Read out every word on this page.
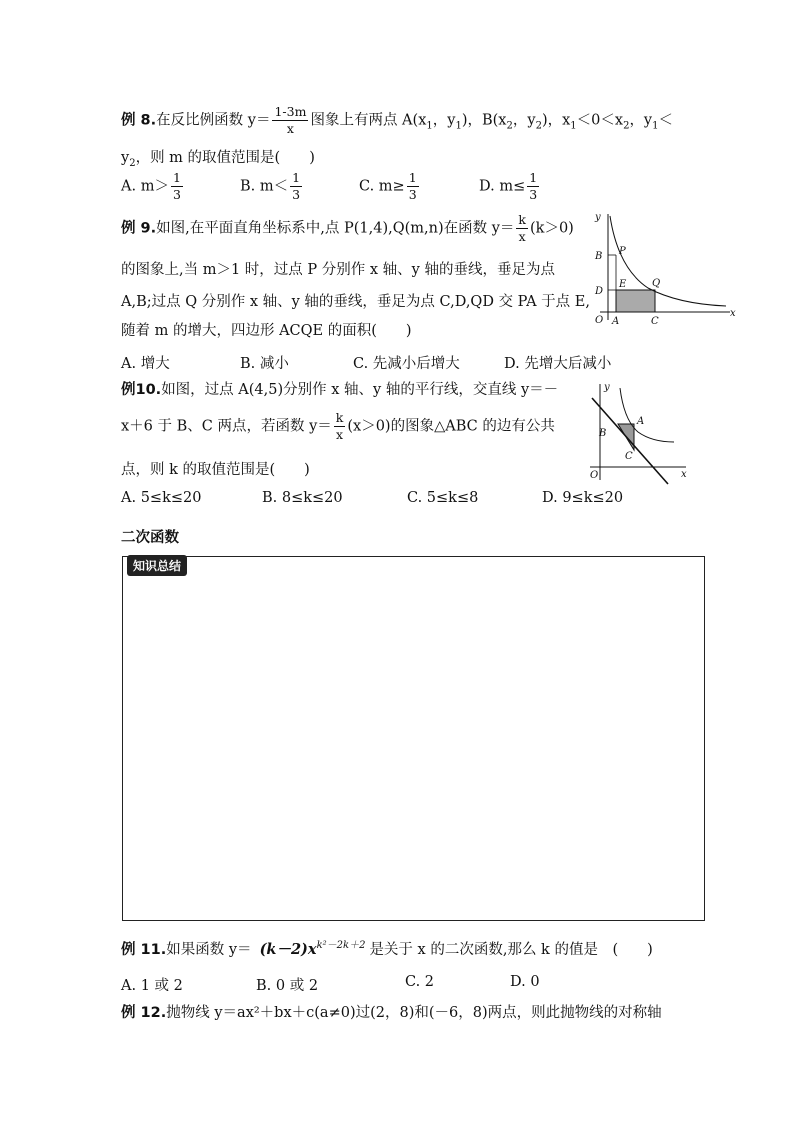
例 8.在反比例函数 $y= \frac{1-3m}{x}$ 图象上有两点 $A(x_1$，$y_1$)，$B(x_2$，$y_2$)，$x_1<0<x_2$，$y_1<$
$y_2$，则 m 的取值范围是(　　)
A. $m> \frac{1}{3}$	B. $m< \frac{1}{3}$	C. $m\ge \frac{1}{3}$	D. $m\le \frac{1}{3}$
例 9.如图,在平面直角坐标系中,点 P(1,4),Q(m,n)在函数 $y= \frac{k}{x} (k>0)$
的图象上,当 m＞1 时，过点 P 分别作 x 轴、y 轴的垂线，垂足为点
A,B;过点 Q 分别作 x 轴、y 轴的垂线，垂足为点 C,D,QD 交 PA 于点 E,
随着 m 的增大，四边形 ACQE 的面积(　　)
A. 增大	B. 减小	C. 先减小后增大	D. 先增大后减小
y
x
O A	C
B
D
E
P
Q
例10.如图，过点 A(4,5)分别作 x 轴、y 轴的平行线，交直线 y＝－
x＋6 于 B、C 两点，若函数 $y= \frac{k}{x} (x>0)$的图象△ABC 的边有公共
点，则 k 的取值范围是(　　)
A. 5≤k≤20	B. 8≤k≤20	C. 5≤k≤8	D. 9≤k≤20
y
x
O
A
B
C
二次函数
知识总结
例 11.如果函数 $y= (k-2)x^{k^2-2k+2}$ 是关于 x 的二次函数,那么 k 的值是　(　　)
A. 1 或 2	B. 0 或 2	C. 2	D. 0
例 12.抛物线 y＝ax²＋bx＋c(a≠0)过(2，8)和(－6，8)两点，则此抛物线的对称轴
